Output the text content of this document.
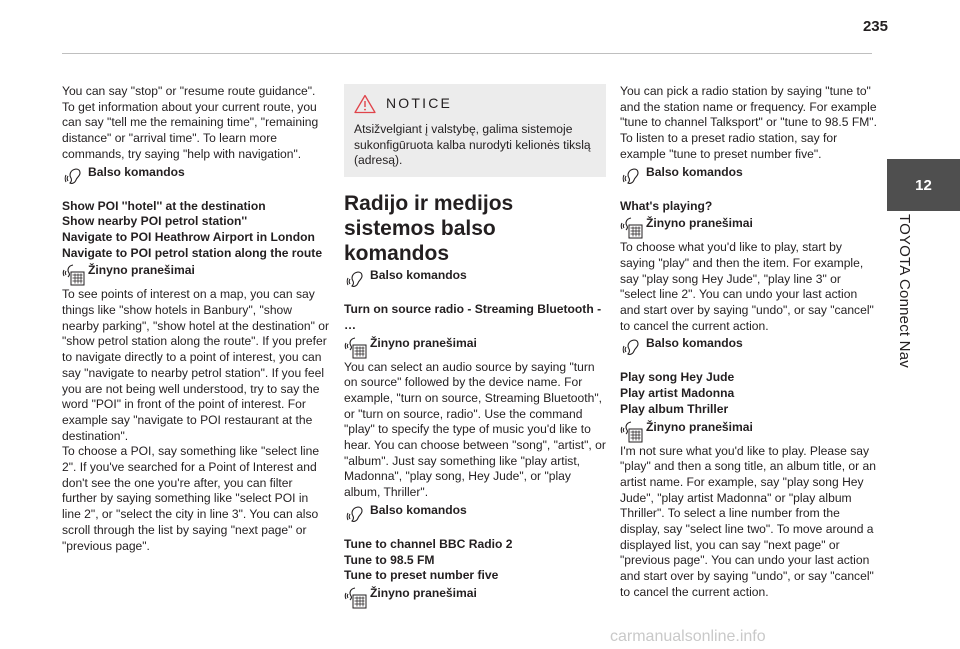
235
12
TOYOTA Connect Nav

You can say "stop" or "resume route guidance". To get information about your current route, you can say "tell me the remaining time", "remaining distance" or "arrival time". To learn more commands, try saying "help with navigation".

Balso komandos

Show POI ''hotel'' at the destination

Show nearby POI petrol station''

Navigate to POI Heathrow Airport in London

Navigate to POI petrol station along the route

Žinyno pranešimai

To see points of interest on a map, you can say things like "show hotels in Banbury", "show nearby parking", "show hotel at the destination" or "show petrol station along the route". If you prefer to navigate directly to a point of interest, you can say "navigate to nearby petrol station". If you feel you are not being well understood, try to say the word "POI" in front of the point of interest. For example say "navigate to POI restaurant at the destination".

To choose a POI, say something like "select line 2". If you've searched for a Point of Interest and don't see the one you're after, you can filter further by saying something like "select POI in line 2", or "select the city in line 3". You can also scroll through the list by saying "next page" or "previous page".

NOTICE

Atsižvelgiant į valstybę, galima sistemoje sukonfigūruota kalba nurodyti kelionės tikslą (adresą).

Radijo ir medijos sistemos balso komandos

Balso komandos

Turn on source radio - Streaming Bluetooth - …

Žinyno pranešimai

You can select an audio source by saying "turn on source" followed by the device name. For example, "turn on source, Streaming Bluetooth", or "turn on source, radio". Use the command "play" to specify the type of music you'd like to hear. You can choose between "song", "artist", or "album". Just say something like "play artist, Madonna", "play song, Hey Jude", or "play album, Thriller".

Balso komandos

Tune to channel BBC Radio 2

Tune to 98.5 FM

Tune to preset number five

Žinyno pranešimai

You can pick a radio station by saying "tune to" and the station name or frequency. For example "tune to channel Talksport" or "tune to 98.5 FM". To listen to a preset radio station, say for example "tune to preset number five".

Balso komandos

What's playing?

Žinyno pranešimai

To choose what you'd like to play, start by saying "play" and then the item. For example, say "play song Hey Jude", "play line 3" or "select line 2". You can undo your last action and start over by saying "undo", or say "cancel" to cancel the current action.

Balso komandos

Play song Hey Jude

Play artist Madonna

Play album Thriller

Žinyno pranešimai

I'm not sure what you'd like to play. Please say "play" and then a song title, an album title, or an artist name. For example, say "play song Hey Jude", "play artist Madonna" or "play album Thriller". To select a line number from the display, say "select line two". To move around a displayed list, you can say "next page" or "previous page". You can undo your last action and start over by saying "undo", or say "cancel" to cancel the current action.

carmanualsonline.info
